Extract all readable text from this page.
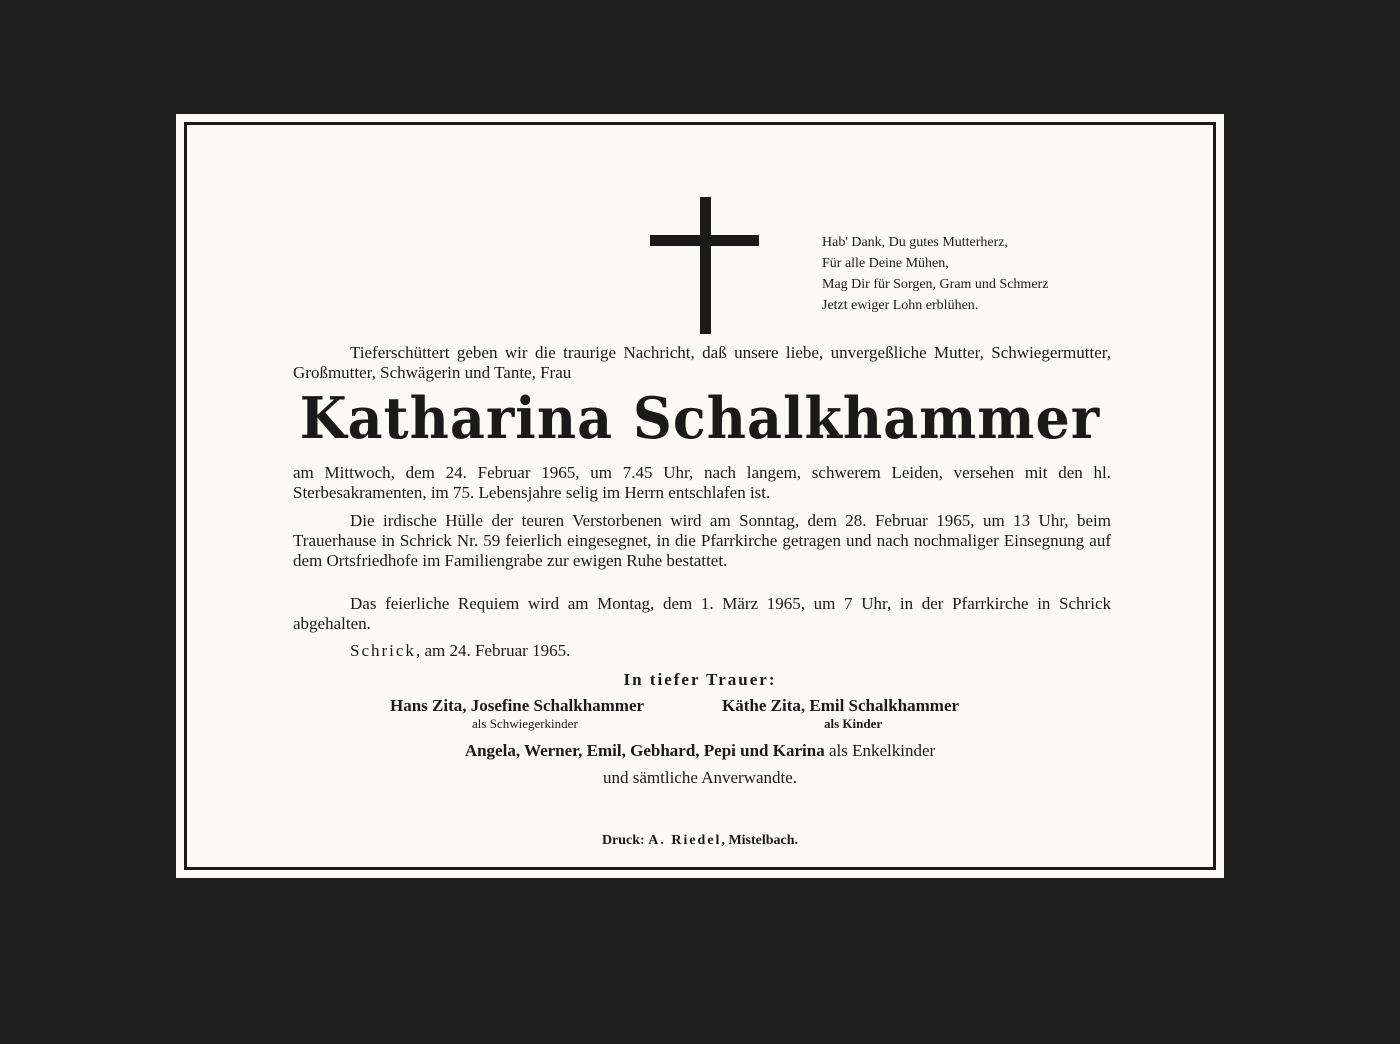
Hab' Dank, Du gutes Mutterherz,
Für alle Deine Mühen,
Mag Dir für Sorgen, Gram und Schmerz
Jetzt ewiger Lohn erblühen.
Tieferschüttert geben wir die traurige Nachricht, daß unsere liebe, unvergeßliche Mutter, Schwiegermutter, Großmutter, Schwägerin und Tante, Frau
Katharina Schalkhammer
am Mittwoch, dem 24. Februar 1965, um 7.45 Uhr, nach langem, schwerem Leiden, versehen mit den hl. Sterbesakramenten, im 75. Lebensjahre selig im Herrn entschlafen ist.
Die irdische Hülle der teuren Verstorbenen wird am Sonntag, dem 28. Februar 1965, um 13 Uhr, beim Trauerhause in Schrick Nr. 59 feierlich eingesegnet, in die Pfarrkirche getragen und nach nochmaliger Einsegnung auf dem Ortsfriedhofe im Familiengrabe zur ewigen Ruhe bestattet.
Das feierliche Requiem wird am Montag, dem 1. März 1965, um 7 Uhr, in der Pfarrkirche in Schrick abgehalten.
Schrick, am 24. Februar 1965.
In tiefer Trauer:
Hans Zita, Josefine Schalkhammer
als Schwiegerkinder
Käthe Zita, Emil Schalkhammer
als Kinder
Angela, Werner, Emil, Gebhard, Pepi und Karina als Enkelkinder
und sämtliche Anverwandte.
Druck: A. Riedel, Mistelbach.
